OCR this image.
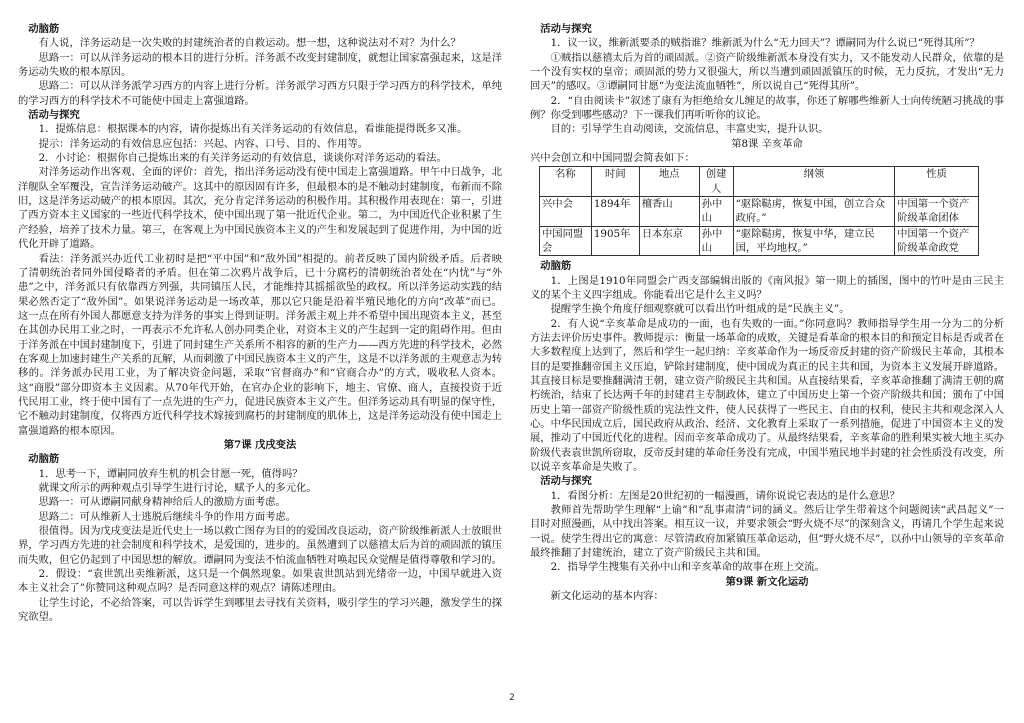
动脑筋

有人说，洋务运动是一次失败的封建统治者的自救运动。想一想，这种说法对不对？为什么？

思路一：可以从洋务运动的根本目的进行分析。洋务派不改变封建制度，就想让国家富强起来，这是洋务运动失败的根本原因。

思路二：可以从洋务派学习西方的内容上进行分析。洋务派学习西方只限于学习西方的科学技术，单纯的学习西方的科学技术不可能使中国走上富强道路。

活动与探究

1．提炼信息：根据课本的内容，请你提炼出有关洋务运动的有效信息，看谁能提得既多又准。

提示：洋务运动的有效信息应包括：兴起、内容、口号、目的、作用等。

2．小讨论：根据你自己提炼出来的有关洋务运动的有效信息，谈谈你对洋务运动的看法。

对洋务运动作出客观、全面的评价：首先，指出洋务运动没有使中国走上富强道路。甲午中日战争，北洋舰队全军覆没，宣告洋务运动破产。这其中的原因固有许多，但最根本的是不触动封建制度，布新而不除旧，这是洋务运动破产的根本原因。其次，充分肯定洋务运动的积极作用。其积极作用表现在：第一，引进了西方资本主义国家的一些近代科学技术，使中国出现了第一批近代企业。第二，为中国近代企业积累了生产经验，培养了技术力量。第三，在客观上为中国民族资本主义的产生和发展起到了促进作用，为中国的近代化开辟了道路。

看法：洋务派兴办近代工业初时是把“平中国”和“敌外国”相提的。前者反映了国内阶级矛盾。后者映了清朝统治者同外国侵略者的矛盾。但在第二次鸦片战争后，已十分腐朽的清朝统治者处在“内忧”与“外患”之中，洋务派只有依靠西方列强，共同镇压人民，才能维持其摇摇欲坠的政权。所以洋务运动实践的结果必然否定了“敌外国”。如果说洋务运动是一场改革，那以它只能是沿着半殖民地化的方向“改革”而已。这一点在所有外国人都愿意支持为洋务的事实上得到证明。洋务派主观上并不希望中国出现资本主义，甚至在其创办民用工业之时，一再表示不允许私人创办同类企业，对资本主义的产生起到一定的阻碍作用。但由于洋务派在中国封建制度下，引进了同封建生产关系所不相容的新的生产力——西方先进的科学技术，必然在客观上加速封建生产关系的瓦解，从而刺激了中国民族资本主义的产生，这是不以洋务派的主观意志为转移的。洋务派办民用工业，为了解决资金问题，采取“官督商办”和“官商合办”的方式，吸收私人资本。这“商股”部分即资本主义因素。从70年代开始，在官办企业的影响下，地主、官僚、商人，直接投资于近代民用工业，终于使中国有了一点先进的生产力，促进民族资本主义产生。但洋务运动具有明显的保守性，它不触动封建制度，仅将西方近代科学技术嫁接到腐朽的封建制度的肌体上，这是洋务运动没有使中国走上富强道路的根本原因。

第7课 戊戌变法

动脑筋

1．思考一下，谭嗣同放弃生机的机会甘愿一死，值得吗？

就课文所示的两种观点引导学生进行讨论，赋予人的多元化。

思路一：可从谭嗣同献身精神给后人的激励方面考虑。

思路二：可从维新人士逃脱后继续斗争的作用方面考虑。

很值得。因为戊戌变法是近代史上一场以救亡图存为目的的爱国改良运动，资产阶级维新派人士放眼世界，学习西方先进的社会制度和科学技术，是爱国的，进步的。虽然遭到了以慈禧太后为首的顽固派的镇压而失败，但它仍起到了中国思想的解放。谭嗣同为变法不怕流血牺牲对唤起民众觉醒是值得尊敬和学习的。

2．假设：“袁世凯出卖维新派，这只是一个偶然现象。如果袁世凯站到光绪帝一边，中国早就进入资本主义社会了”你赞同这种观点吗？是否同意这样的观点？请陈述理由。

让学生讨论，不必给答案，可以告诉学生到哪里去寻找有关资料，吸引学生的学习兴趣，激发学生的探究欲望。

活动与探究

1．议一议，维新派要杀的贼指谁？维新派为什么“无力回天”？谭嗣同为什么说已“死得其所”？

①贼指以慈禧太后为首的顽固派。②资产阶级维新派本身没有实力，又不能发动人民群众，依靠的是一个没有实权的皇帝；顽固派的势力又很强大，所以当遭到顽固派镇压的时候，无力反抗，才发出“无力回天”的感叹。③谭嗣同甘愿“为变法流血牺牲”，所以说自己“死得其所”。

2．“自由阅读卡”叙述了康有为拒绝给女儿缠足的故事，你还了解哪些维新人士向传统陋习挑战的事例？你受到哪些感动？下一课我们再听听你的议论。

目的：引导学生自动阅读，交流信息，丰富史实，提升认识。

第8课 辛亥革命

兴中会创立和中国同盟会简表如下：

名称	时间	地点	创建人	纲领	性质
兴中会	1894年	檀香山	孙中山	“驱除鞑虏，恢复中国，创立合众政府。”	中国第一个资产阶级革命团体
中国同盟会	1905年	日本东京	孙中山	“驱除鞑虏，恢复中华，建立民国，平均地权。”	中国第一个资产阶级革命政党

动脑筋

1．上图是1910年同盟会广西支部编辑出版的《南风报》第一期上的插图，图中的竹叶是由三民主义的某个主义四字组成。你能看出它是什么主义吗？

提醒学生换个角度仔细观察就可以看出竹叶组成的是“民族主义”。

2．有人说“辛亥革命是成功的一面，也有失败的一面。”你同意吗？教师指导学生用一分为二的分析方法去评价历史事件。教师提示：衡量一场革命的成败，关键是看革命的根本目的和预定目标是否或者在大多数程度上达到了，然后和学生一起归纳：辛亥革命作为一场反帝反封建的资产阶级民主革命，其根本目的是要推翻帝国主义压迫，铲除封建制度，使中国成为真正的民主共和国，为资本主义发展开辟道路。其直接目标是要推翻满清王朝，建立资产阶级民主共和国。从直接结果看，辛亥革命推翻了满清王朝的腐朽统治，结束了长达两千年的封建君主专制政体，建立了中国历史上第一个资产阶级共和国；颁布了中国历史上第一部资产阶级性质的宪法性文件，使人民获得了一些民主、自由的权利，使民主共和观念深入人心。中华民国成立后，国民政府从政治、经济、文化教育上采取了一系列措施，促进了中国资本主义的发展，推动了中国近代化的进程。因而辛亥革命成功了。从最终结果看，辛亥革命的胜利果实被大地主买办阶级代表袁世凯所窃取，反帝反封建的革命任务没有完成，中国半殖民地半封建的社会性质没有改变，所以说辛亥革命是失败了。

活动与探究

1．看图分析：左图是20世纪初的一幅漫画，请你说说它表达的是什么意思？

教师首先帮助学生理解“上谕”和“乱事肃清”词的涵义。然后让学生带着这个问题阅读“武昌起义”一目时对照漫画，从中找出答案。相互议一议，并要求领会“野火烧不尽”的深刻含义，再请几个学生起来说一说。使学生得出它的寓意：尽管清政府加紧镇压革命运动，但“野火烧不尽”，以孙中山领导的辛亥革命最终推翻了封建统治，建立了资产阶级民主共和国。

2．指导学生搜集有关孙中山和辛亥革命的故事在班上交流。

第9课 新文化运动

新文化运动的基本内容：

2
